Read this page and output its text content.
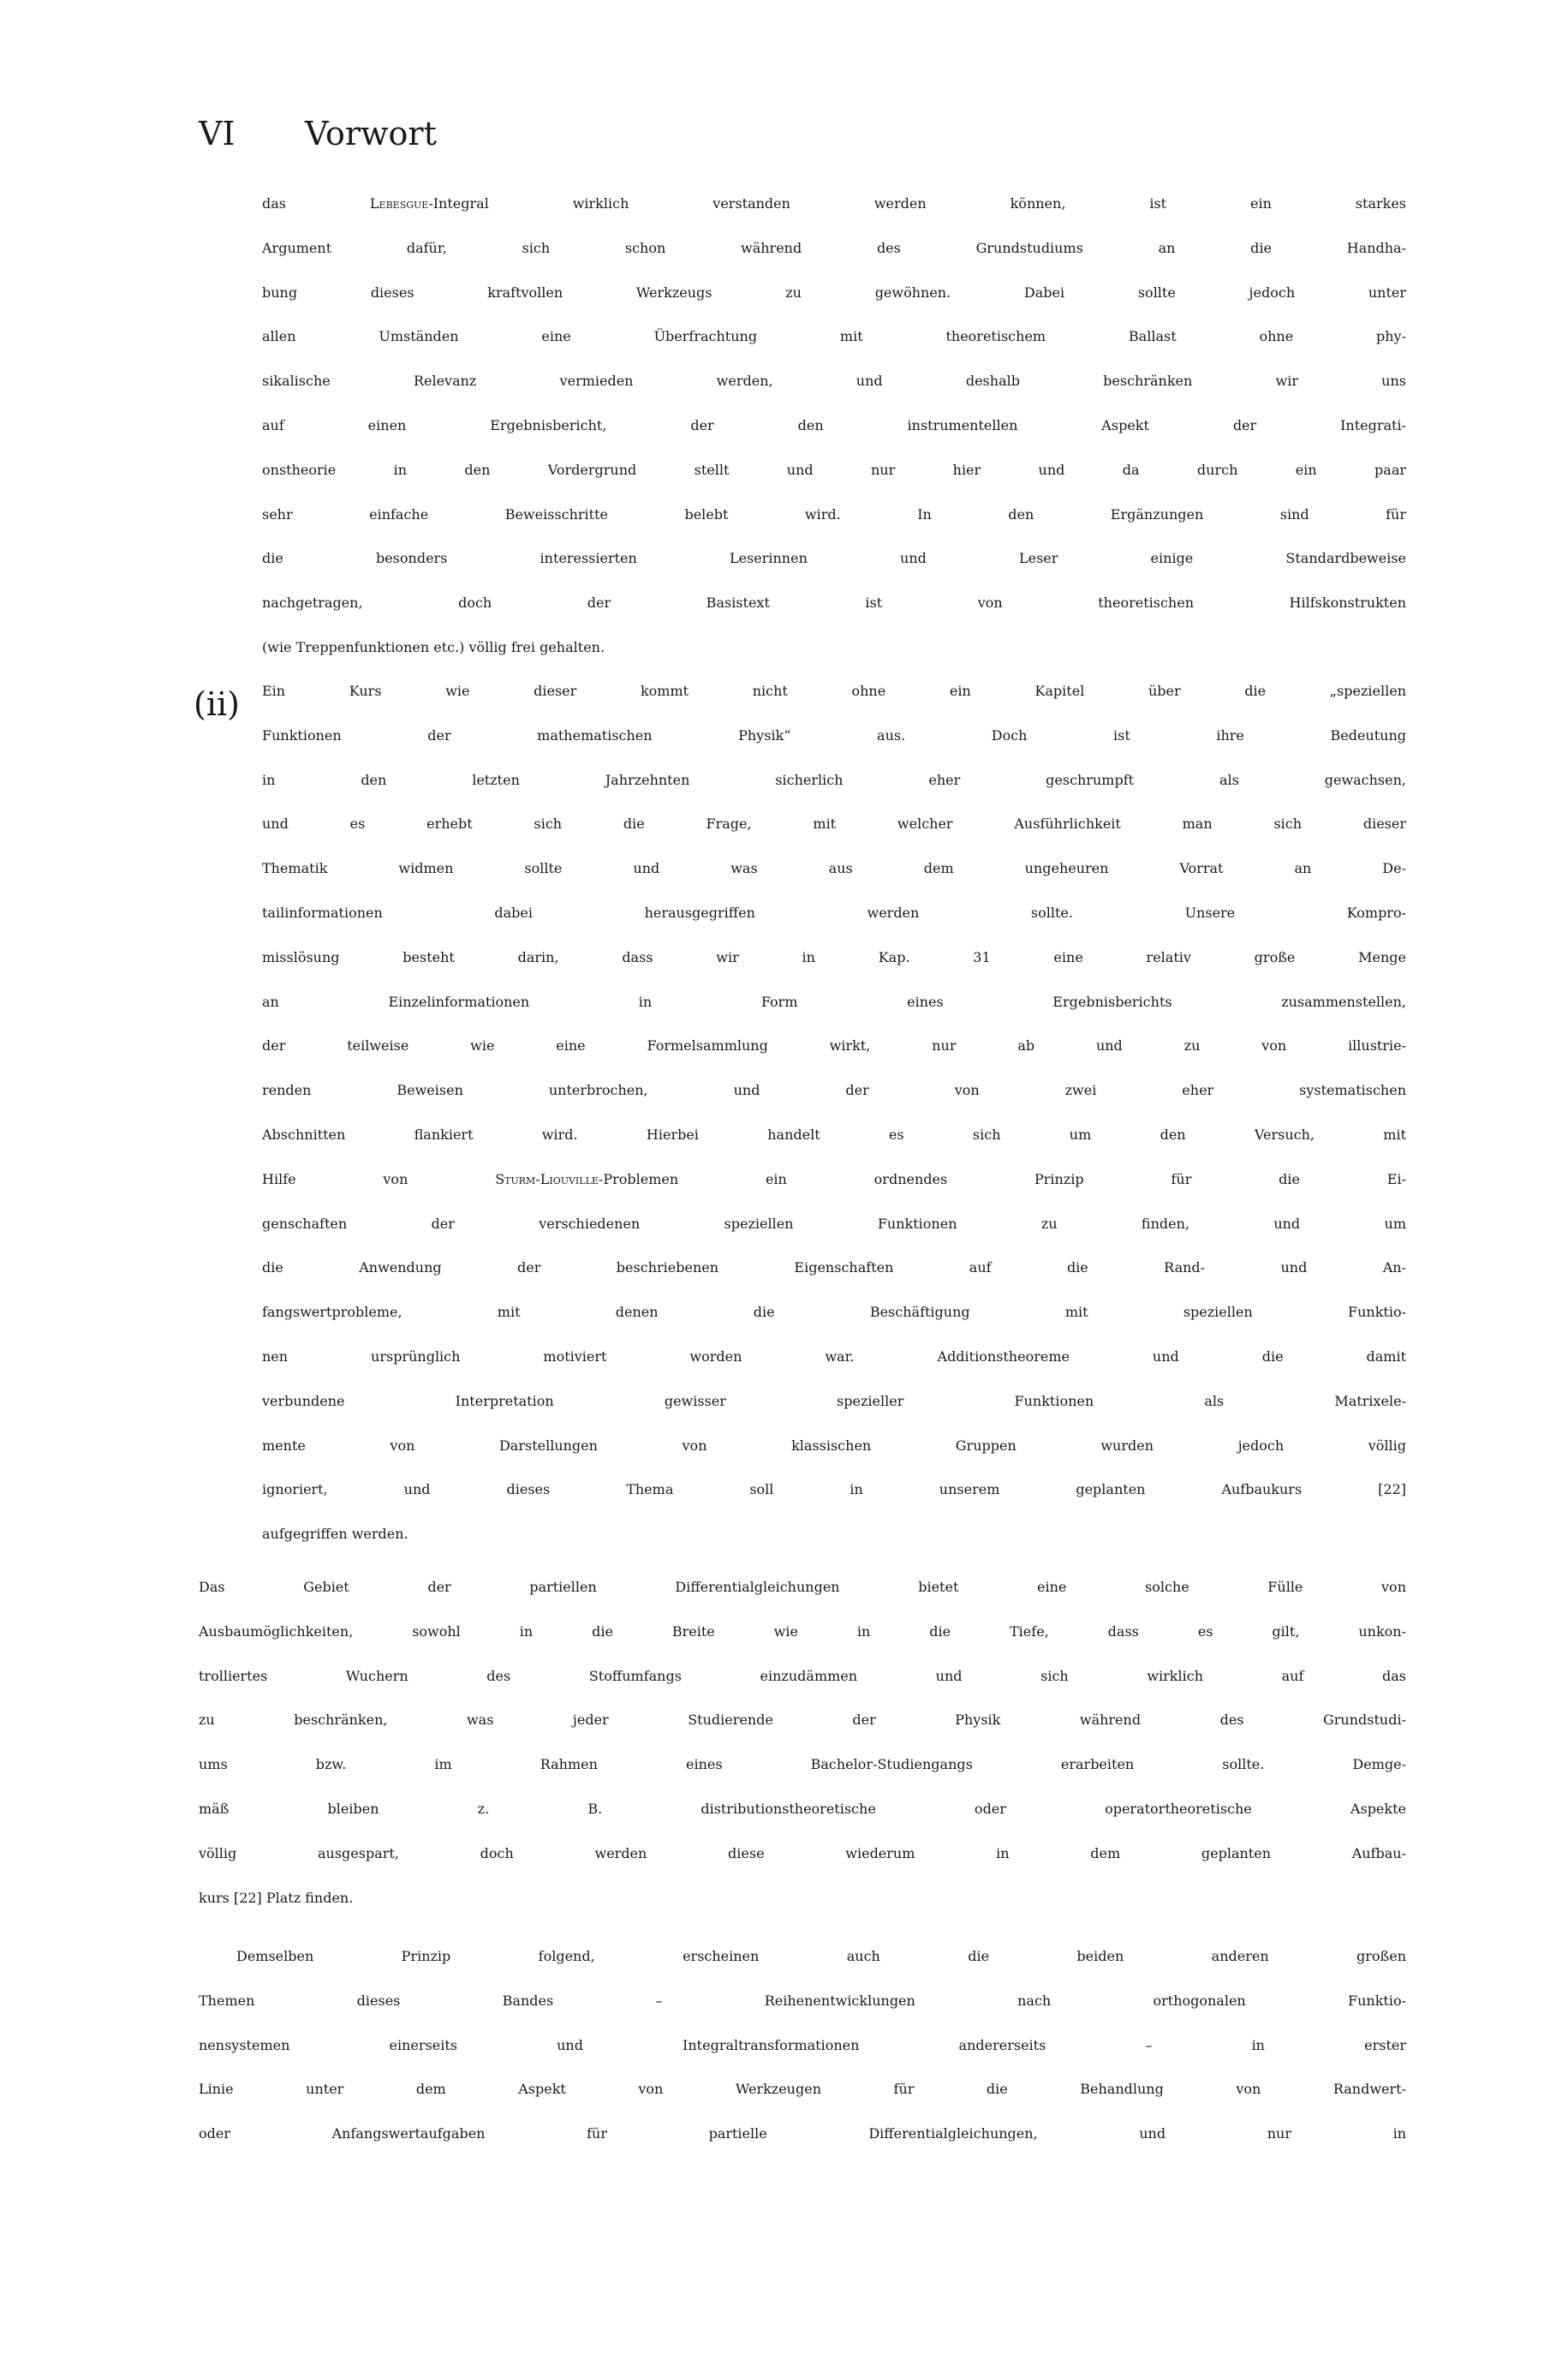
VI Vorwort
das Lebesgue-Integral wirklich verstanden werden können, ist ein starkes
Argument dafür, sich schon während des Grundstudiums an die Handha-
bung dieses kraftvollen Werkzeugs zu gewöhnen. Dabei sollte jedoch unter
allen Umständen eine Überfrachtung mit theoretischem Ballast ohne phy-
sikalische Relevanz vermieden werden, und deshalb beschränken wir uns
auf einen Ergebnisbericht, der den instrumentellen Aspekt der Integrati-
onstheorie in den Vordergrund stellt und nur hier und da durch ein paar
sehr einfache Beweisschritte belebt wird. In den Ergänzungen sind für
die besonders interessierten Leserinnen und Leser einige Standardbeweise
nachgetragen, doch der Basistext ist von theoretischen Hilfskonstrukten
(wie Treppenfunktionen etc.) völlig frei gehalten.
(ii) Ein Kurs wie dieser kommt nicht ohne ein Kapitel über die „speziellen
Funktionen der mathematischen Physik“ aus. Doch ist ihre Bedeutung
in den letzten Jahrzehnten sicherlich eher geschrumpft als gewachsen,
und es erhebt sich die Frage, mit welcher Ausführlichkeit man sich dieser
Thematik widmen sollte und was aus dem ungeheuren Vorrat an De-
tailinformationen dabei herausgegriffen werden sollte. Unsere Kompro-
misslösung besteht darin, dass wir in Kap. 31 eine relativ große Menge
an Einzelinformationen in Form eines Ergebnisberichts zusammenstellen,
der teilweise wie eine Formelsammlung wirkt, nur ab und zu von illustrie-
renden Beweisen unterbrochen, und der von zwei eher systematischen
Abschnitten flankiert wird. Hierbei handelt es sich um den Versuch, mit
Hilfe von Sturm-Liouville-Problemen ein ordnendes Prinzip für die Ei-
genschaften der verschiedenen speziellen Funktionen zu finden, und um
die Anwendung der beschriebenen Eigenschaften auf die Rand- und An-
fangswertprobleme, mit denen die Beschäftigung mit speziellen Funktio-
nen ursprünglich motiviert worden war. Additionstheoreme und die damit
verbundene Interpretation gewisser spezieller Funktionen als Matrixele-
mente von Darstellungen von klassischen Gruppen wurden jedoch völlig
ignoriert, und dieses Thema soll in unserem geplanten Aufbaukurs [22]
aufgegriffen werden.
Das Gebiet der partiellen Differentialgleichungen bietet eine solche Fülle von
Ausbaumöglichkeiten, sowohl in die Breite wie in die Tiefe, dass es gilt, unkon-
trolliertes Wuchern des Stoffumfangs einzudämmen und sich wirklich auf das
zu beschränken, was jeder Studierende der Physik während des Grundstudi-
ums bzw. im Rahmen eines Bachelor-Studiengangs erarbeiten sollte. Demge-
mäß bleiben z. B. distributionstheoretische oder operatortheoretische Aspekte
völlig ausgespart, doch werden diese wiederum in dem geplanten Aufbau-
kurs [22] Platz finden.
Demselben Prinzip folgend, erscheinen auch die beiden anderen großen
Themen dieses Bandes – Reihenentwicklungen nach orthogonalen Funktio-
nensystemen einerseits und Integraltransformationen andererseits – in erster
Linie unter dem Aspekt von Werkzeugen für die Behandlung von Randwert-
oder Anfangswertaufgaben für partielle Differentialgleichungen, und nur in
